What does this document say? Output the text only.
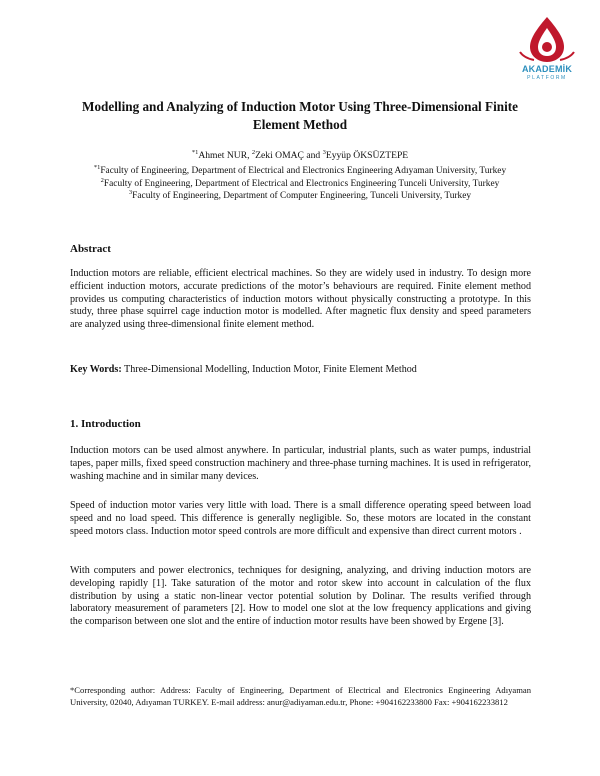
AKADEMİK
PLATFORM
Modelling and Analyzing of Induction Motor Using Three-Dimensional Finite Element Method
$^{*1}$Ahmet NUR, $^2$Zeki OMAÇ and $^3$Eyyüp ÖKSÜZTEPE
$^{*1}$Faculty of Engineering, Department of Electrical and Electronics Engineering Adıyaman University, Turkey
$^2$Faculty of Engineering, Department of Electrical and Electronics Engineering Tunceli University, Turkey
$^3$Faculty of Engineering, Department of Computer Engineering, Tunceli University, Turkey
Abstract
Induction motors are reliable, efficient electrical machines. So they are widely used in industry. To design more efficient induction motors, accurate predictions of the motor’s behaviours are required. Finite element method provides us computing characteristics of induction motors without physically constructing a prototype. In this study, three phase squirrel cage induction motor is modelled. After magnetic flux density and speed parameters are analyzed using three-dimensional finite element method.
Key Words: Three-Dimensional Modelling, Induction Motor, Finite Element Method
1. Introduction
Induction motors can be used almost anywhere. In particular, industrial plants, such as water pumps, industrial tapes, paper mills, fixed speed construction machinery and three-phase turning machines. It is used in refrigerator, washing machine and in similar many devices.
Speed of induction motor varies very little with load. There is a small difference operating speed between load speed and no load speed. This difference is generally negligible. So, these motors are located in the constant speed motors class. Induction motor speed controls are more difficult and expensive than direct current motors .
With computers and power electronics, techniques for designing, analyzing, and driving induction motors are developing rapidly [1]. Take saturation of the motor and rotor skew into account in calculation of the flux distribution by using a static non-linear vector potential solution by Dolinar. The results verified through laboratory measurement of parameters [2]. How to model one slot at the low frequency applications and giving the comparison between one slot and the entire of induction motor results have been showed by Ergene [3].
*Corresponding author: Address: Faculty of Engineering, Department of Electrical and Electronics Engineering Adıyaman University, 02040, Adıyaman TURKEY. E-mail address: anur@adiyaman.edu.tr, Phone: +904162233800 Fax: +904162233812
